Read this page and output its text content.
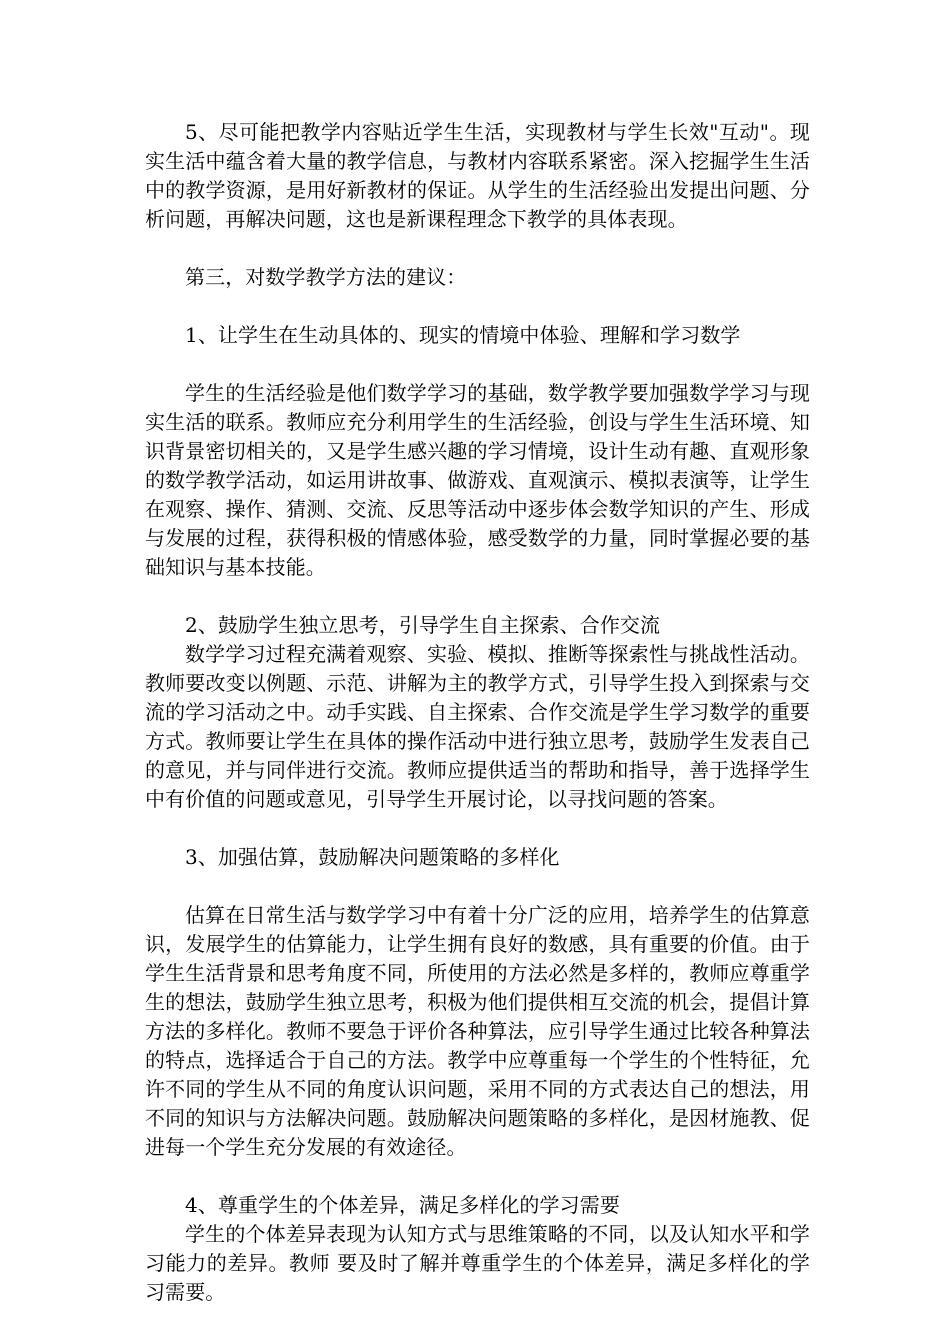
5、尽可能把教学内容贴近学生生活，实现教材与学生长效"互动"。现实生活中蕴含着大量的教学信息，与教材内容联系紧密。深入挖掘学生生活中的教学资源，是用好新教材的保证。从学生的生活经验出发提出问题、分析问题，再解决问题，这也是新课程理念下教学的具体表现。

第三，对数学教学方法的建议：

1、让学生在生动具体的、现实的情境中体验、理解和学习数学

学生的生活经验是他们数学学习的基础，数学教学要加强数学学习与现实生活的联系。教师应充分利用学生的生活经验，创设与学生生活环境、知识背景密切相关的，又是学生感兴趣的学习情境，设计生动有趣、直观形象的数学教学活动，如运用讲故事、做游戏、直观演示、模拟表演等，让学生在观察、操作、猜测、交流、反思等活动中逐步体会数学知识的产生、形成与发展的过程，获得积极的情感体验，感受数学的力量，同时掌握必要的基础知识与基本技能。

2、鼓励学生独立思考，引导学生自主探索、合作交流

数学学习过程充满着观察、实验、模拟、推断等探索性与挑战性活动。教师要改变以例题、示范、讲解为主的教学方式，引导学生投入到探索与交流的学习活动之中。动手实践、自主探索、合作交流是学生学习数学的重要方式。教师要让学生在具体的操作活动中进行独立思考，鼓励学生发表自己的意见，并与同伴进行交流。教师应提供适当的帮助和指导，善于选择学生中有价值的问题或意见，引导学生开展讨论，以寻找问题的答案。

3、加强估算，鼓励解决问题策略的多样化

估算在日常生活与数学学习中有着十分广泛的应用，培养学生的估算意识，发展学生的估算能力，让学生拥有良好的数感，具有重要的价值。由于学生生活背景和思考角度不同，所使用的方法必然是多样的，教师应尊重学生的想法，鼓励学生独立思考，积极为他们提供相互交流的机会，提倡计算方法的多样化。教师不要急于评价各种算法，应引导学生通过比较各种算法的特点，选择适合于自己的方法。教学中应尊重每一个学生的个性特征，允许不同的学生从不同的角度认识问题，采用不同的方式表达自己的想法，用不同的知识与方法解决问题。鼓励解决问题策略的多样化，是因材施教、促进每一个学生充分发展的有效途径。

4、尊重学生的个体差异，满足多样化的学习需要

学生的个体差异表现为认知方式与思维策略的不同，以及认知水平和学习能力的差异。教师 要及时了解并尊重学生的个体差异，满足多样化的学习需要。
